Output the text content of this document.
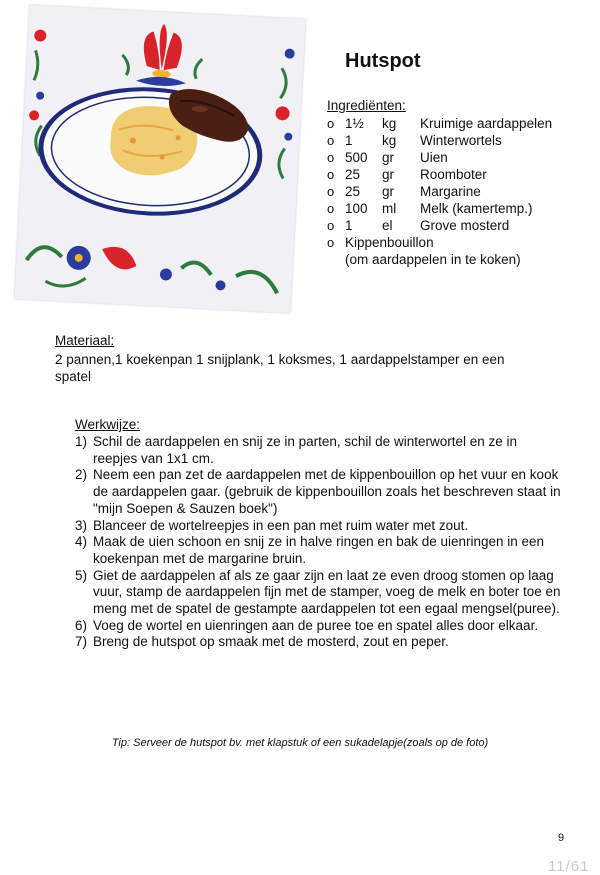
Hutspot
Ingrediënten:
o 1½ kg Kruimige aardappelen
o 1 kg Winterwortels
o 500 gr Uien
o 25 gr Roomboter
o 25 gr Margarine
o 100 ml Melk (kamertemp.)
o 1 el Grove mosterd
o Kippenbouillon
(om aardappelen in te koken)
Materiaal:
2 pannen,1 koekenpan 1 snijplank, 1 koksmes, 1 aardappelstamper en een spatel
Werkwijze:
1) Schil de aardappelen en snij ze in parten, schil de winterwortel en ze in reepjes van 1x1 cm.
2) Neem een pan zet de aardappelen met de kippenbouillon op het vuur en kook de aardappelen gaar. (gebruik de kippenbouillon zoals het beschreven staat in "mijn Soepen & Sauzen boek")
3) Blanceer de wortelreepjes in een pan met ruim water met zout.
4) Maak de uien schoon en snij ze in halve ringen en bak de uienringen in een koekenpan met de margarine bruin.
5) Giet de aardappelen af als ze gaar zijn en laat ze even droog stomen op laag vuur, stamp de aardappelen fijn met de stamper, voeg de melk en boter toe en meng met de spatel de gestampte aardappelen tot een egaal mengsel(puree).
6) Voeg de wortel en uienringen aan de puree toe en spatel alles door elkaar.
7) Breng de hutspot op smaak met de mosterd, zout en peper.
Tip: Serveer de hutspot bv. met klapstuk of een sukadelapje(zoals op de foto)
9
11/61
